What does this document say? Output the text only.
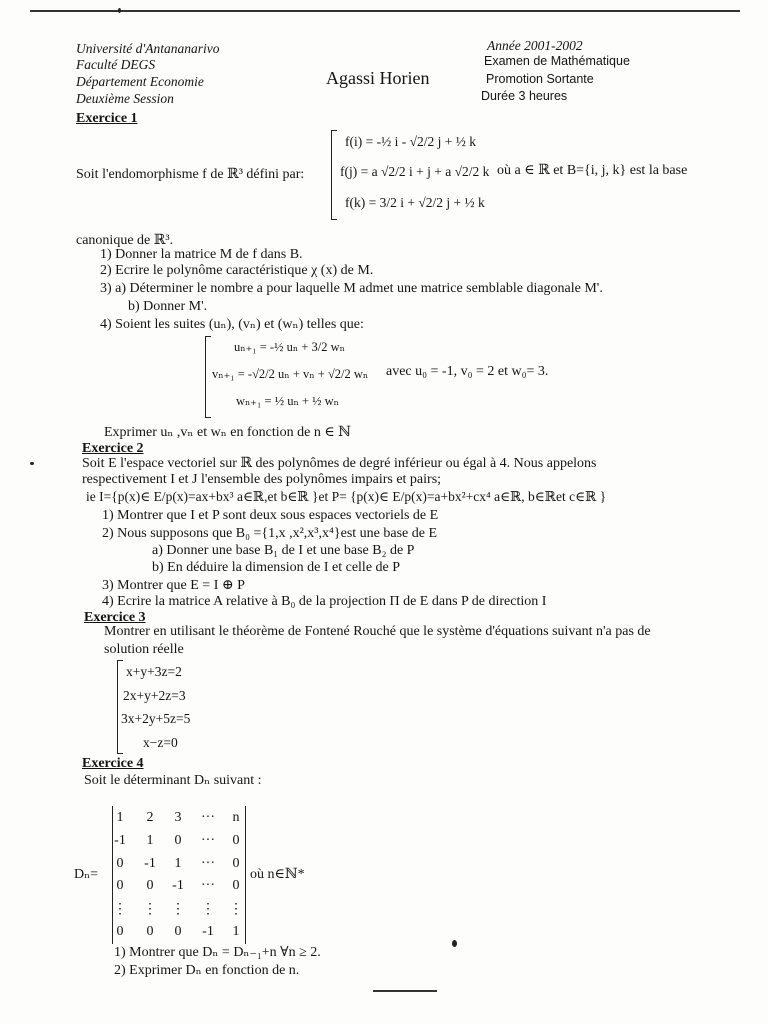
Université d'Antananarivo
Faculté DEGS
Département Economie
Deuxième Session
Agassi Horien
Année 2001-2002
Examen de Mathématique
Promotion Sortante
Durée 3 heures
Exercice 1
Soit l'endomorphisme f de ℝ³ défini par:
f(i) = -½ i - √2/2 j + ½ k
f(j) = a √2/2 i + j + a √2/2 k
f(k) = 3/2 i + √2/2 j + ½ k
où a ∈ ℝ et B={i, j, k} est la base
canonique de ℝ³.
1) Donner la matrice M de f dans B.
2) Ecrire le polynôme caractéristique χ (x) de M.
3) a) Déterminer le nombre a pour laquelle M admet une matrice semblable diagonale M'.
b) Donner M'.
4) Soient les suites (uₙ), (vₙ) et (wₙ) telles que:
uₙ₊₁ = -½ uₙ + 3/2 wₙ
vₙ₊₁ = -√2/2 uₙ + vₙ + √2/2 wₙ
wₙ₊₁ = ½ uₙ + ½ wₙ
avec u₀ = -1, v₀ = 2 et w₀= 3.
Exprimer uₙ ,vₙ et wₙ en fonction de n ∈ ℕ
Exercice 2
Soit E l'espace vectoriel sur ℝ des polynômes de degré inférieur ou égal à 4. Nous appelons
respectivement I et J l'ensemble des polynômes impairs et pairs;
ie I={p(x)∈ E/p(x)=ax+bx³ a∈ℝ,et b∈ℝ }et P= {p(x)∈ E/p(x)=a+bx²+cx⁴ a∈ℝ, b∈ℝet c∈ℝ }
1) Montrer que I et P sont deux sous espaces vectoriels de E
2) Nous supposons que B₀ ={1,x ,x²,x³,x⁴}est une base de E
a) Donner une base B₁ de I et une base B₂ de P
b) En déduire la dimension de I et celle de P
3) Montrer que E = I ⊕ P
4) Ecrire la matrice A relative à B₀ de la projection Π de E dans P de direction I
Exercice 3
Montrer en utilisant le théorème de Fontené Rouché que le système d'équations suivant n'a pas de
solution réelle
x+y+3z=2
2x+y+2z=3
3x+2y+5z=5
x−z=0
Exercice 4
Soit le déterminant Dₙ suivant :
Dₙ=
1	2	3	···	n
-1	1	0	···	0
0	-1	1	···	0
0	0	-1	···	0
⋮	⋮	⋮	⋮	⋮
0	0	0	-1	1
où n∈ℕ*
1) Montrer que Dₙ = Dₙ₋₁+n ∀n ≥ 2.
2) Exprimer Dₙ en fonction de n.
